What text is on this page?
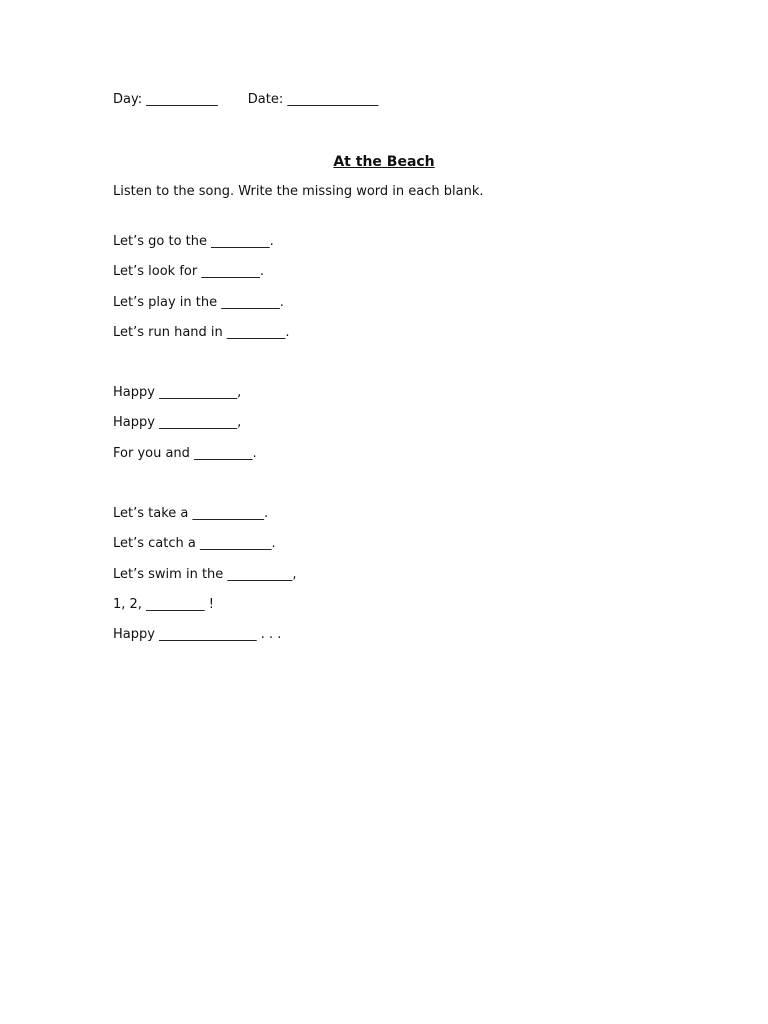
Day: ___________ Date: ______________
At the Beach
Listen to the song. Write the missing word in each blank.
Let’s go to the _________.
Let’s look for _________.
Let’s play in the _________.
Let’s run hand in _________.
Happy ____________,
Happy ____________,
For you and _________.
Let’s take a ___________.
Let’s catch a ___________.
Let’s swim in the __________,
1, 2, _________ !
Happy _______________ . . .
